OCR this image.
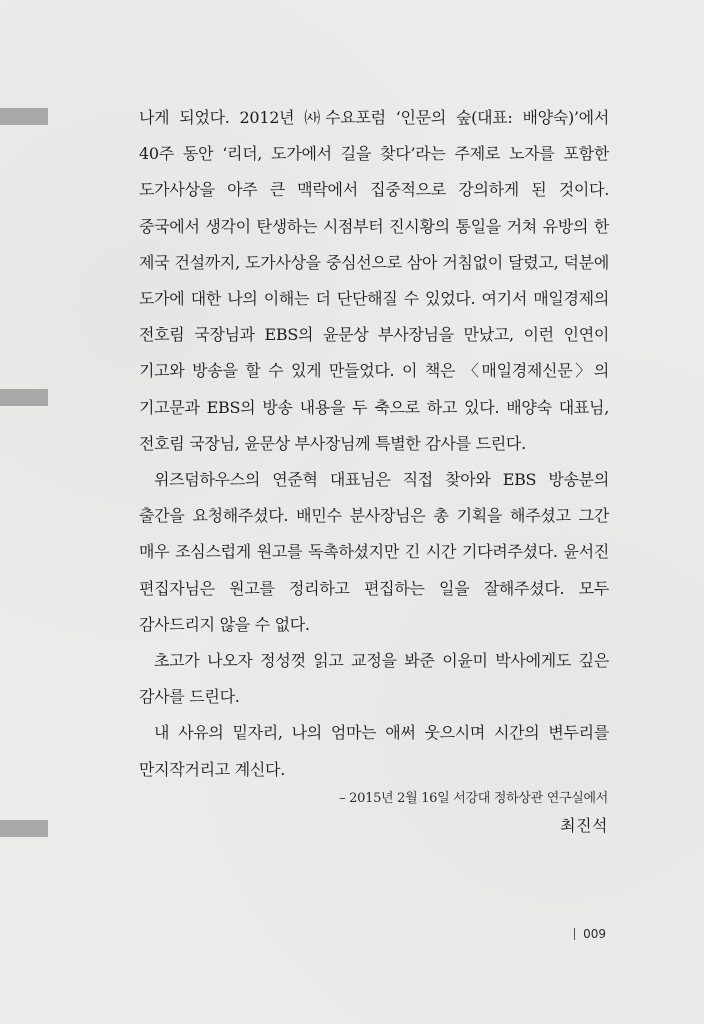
나게 되었다. 2012년 ㈔수요포럼 ‘인문의 숲(대표: 배양숙)’에서 40주 동안 ‘리더, 도가에서 길을 찾다’라는 주제로 노자를 포함한 도가사상을 아주 큰 맥락에서 집중적으로 강의하게 된 것이다. 중국에서 생각이 탄생하는 시점부터 진시황의 통일을 거쳐 유방의 한 제국 건설까지, 도가사상을 중심선으로 삼아 거침없이 달렸고, 덕분에 도가에 대한 나의 이해는 더 단단해질 수 있었다. 여기서 매일경제의 전호림 국장님과 EBS의 윤문상 부사장님을 만났고, 이런 인연이 기고와 방송을 할 수 있게 만들었다. 이 책은 〈매일경제신문〉의 기고문과 EBS의 방송 내용을 두 축으로 하고 있다. 배양숙 대표님, 전호림 국장님, 윤문상 부사장님께 특별한 감사를 드린다.

위즈덤하우스의 연준혁 대표님은 직접 찾아와 EBS 방송분의 출간을 요청해주셨다. 배민수 분사장님은 총 기획을 해주셨고 그간 매우 조심스럽게 원고를 독촉하셨지만 긴 시간 기다려주셨다. 윤서진 편집자님은 원고를 정리하고 편집하는 일을 잘해주셨다. 모두 감사드리지 않을 수 없다.

초고가 나오자 정성껏 읽고 교정을 봐준 이윤미 박사에게도 깊은 감사를 드린다.

내 사유의 밑자리, 나의 엄마는 애써 웃으시며 시간의 변두리를 만지작거리고 계신다.

– 2015년 2월 16일 서강대 정하상관 연구실에서
최진석
009
